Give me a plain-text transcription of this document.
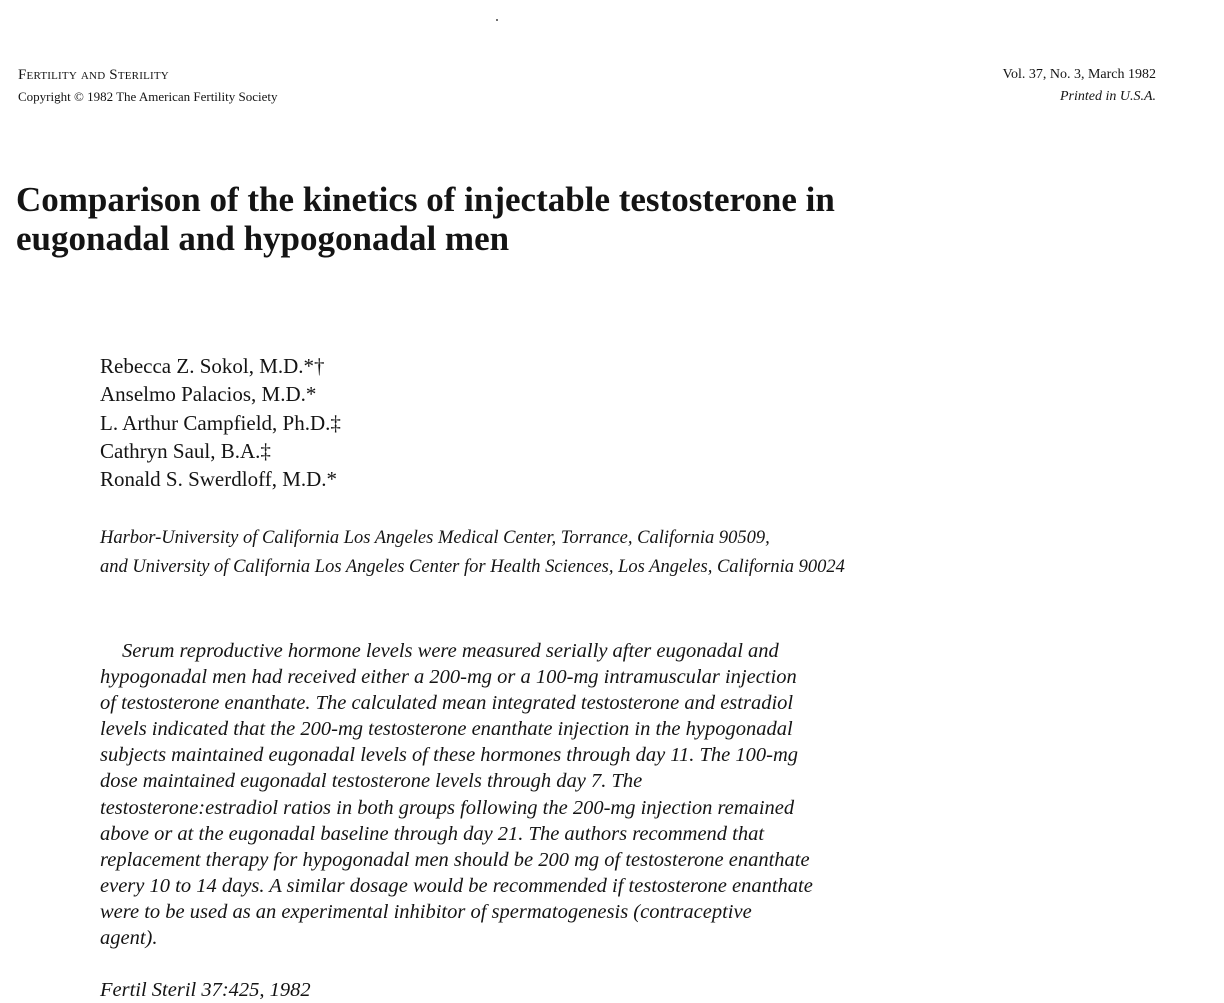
Fertility and Sterility
Copyright © 1982 The American Fertility Society
Vol. 37, No. 3, March 1982
Printed in U.S.A.
Comparison of the kinetics of injectable testosterone in
eugonadal and hypogonadal men
Rebecca Z. Sokol, M.D.*†
Anselmo Palacios, M.D.*
L. Arthur Campfield, Ph.D.‡
Cathryn Saul, B.A.‡
Ronald S. Swerdloff, M.D.*
Harbor-University of California Los Angeles Medical Center, Torrance, California 90509,
and University of California Los Angeles Center for Health Sciences, Los Angeles, California 90024
Serum reproductive hormone levels were measured serially after eugonadal and
hypogonadal men had received either a 200-mg or a 100-mg intramuscular injection
of testosterone enanthate. The calculated mean integrated testosterone and estradiol
levels indicated that the 200-mg testosterone enanthate injection in the hypogonadal
subjects maintained eugonadal levels of these hormones through day 11. The 100-mg
dose maintained eugonadal testosterone levels through day 7. The
testosterone:estradiol ratios in both groups following the 200-mg injection remained
above or at the eugonadal baseline through day 21. The authors recommend that
replacement therapy for hypogonadal men should be 200 mg of testosterone enanthate
every 10 to 14 days. A similar dosage would be recommended if testosterone enanthate
were to be used as an experimental inhibitor of spermatogenesis (contraceptive
agent).

Fertil Steril 37:425, 1982
